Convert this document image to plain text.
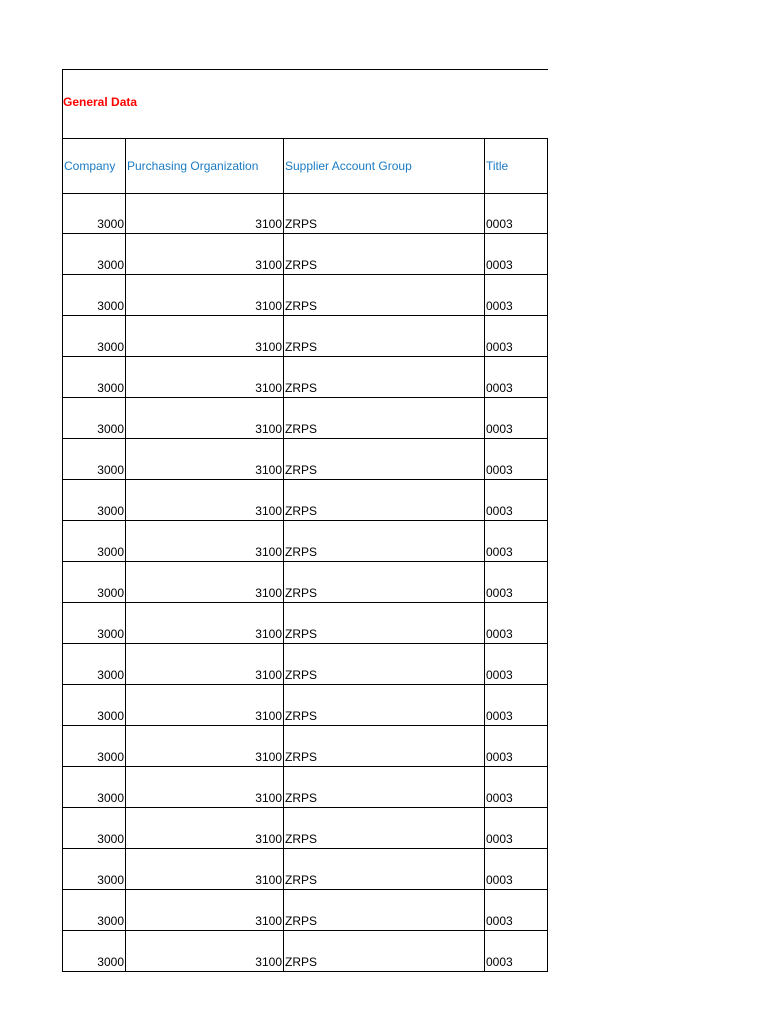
General Data
Company	Purchasing Organization	Supplier Account Group	Title
3000	3100	ZRPS	0003
3000	3100	ZRPS	0003
3000	3100	ZRPS	0003
3000	3100	ZRPS	0003
3000	3100	ZRPS	0003
3000	3100	ZRPS	0003
3000	3100	ZRPS	0003
3000	3100	ZRPS	0003
3000	3100	ZRPS	0003
3000	3100	ZRPS	0003
3000	3100	ZRPS	0003
3000	3100	ZRPS	0003
3000	3100	ZRPS	0003
3000	3100	ZRPS	0003
3000	3100	ZRPS	0003
3000	3100	ZRPS	0003
3000	3100	ZRPS	0003
3000	3100	ZRPS	0003
3000	3100	ZRPS	0003
